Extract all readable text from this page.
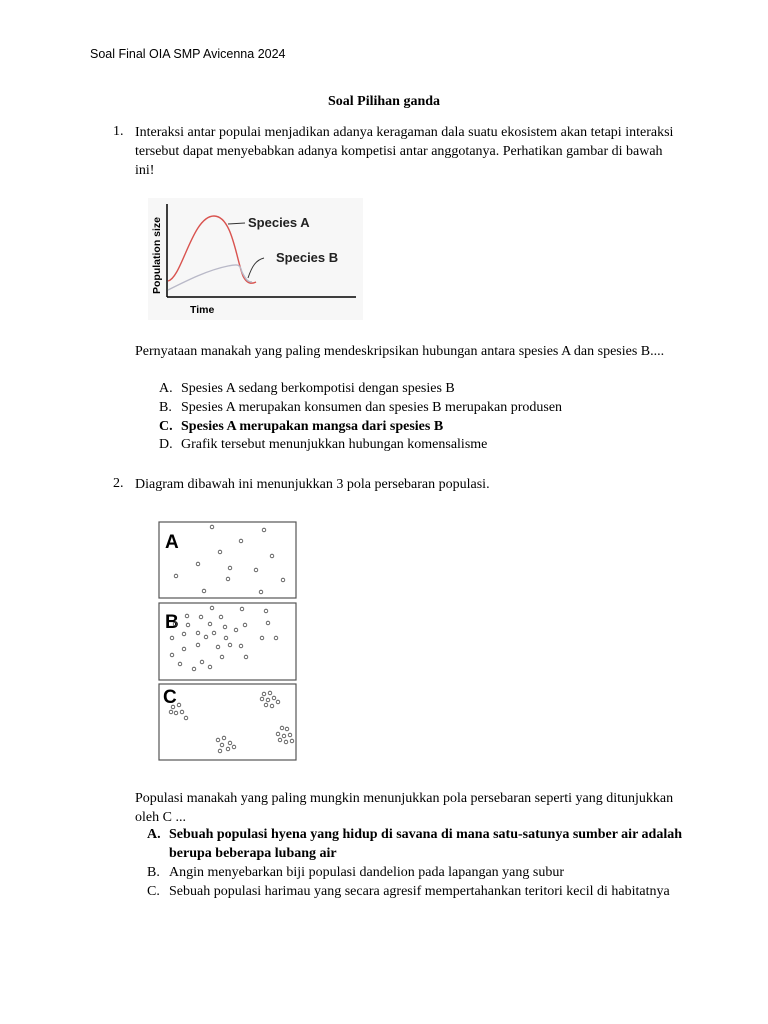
Soal Final OIA SMP Avicenna 2024
Soal Pilihan ganda
1. Interaksi antar populai menjadikan adanya keragaman dala suatu ekosistem akan tetapi interaksi tersebut dapat menyebabkan adanya kompetisi antar anggotanya. Perhatikan gambar di bawah ini!
Population size
Time
Species A
Species B
Pernyataan manakah yang paling mendeskripsikan hubungan antara spesies A dan spesies B....
A. Spesies A sedang berkompotisi dengan spesies B
B. Spesies A merupakan konsumen dan spesies B merupakan produsen
C. Spesies A merupakan mangsa dari spesies B
D. Grafik tersebut menunjukkan hubungan komensalisme
2. Diagram dibawah ini menunjukkan 3 pola persebaran populasi.
A
B
C
Populasi manakah yang paling mungkin menunjukkan pola persebaran seperti yang ditunjukkan oleh C ...
A. Sebuah populasi hyena yang hidup di savana di mana satu-satunya sumber air adalah berupa beberapa lubang air
B. Angin menyebarkan biji populasi dandelion pada lapangan yang subur
C. Sebuah populasi harimau yang secara agresif mempertahankan teritori kecil di habitatnya
